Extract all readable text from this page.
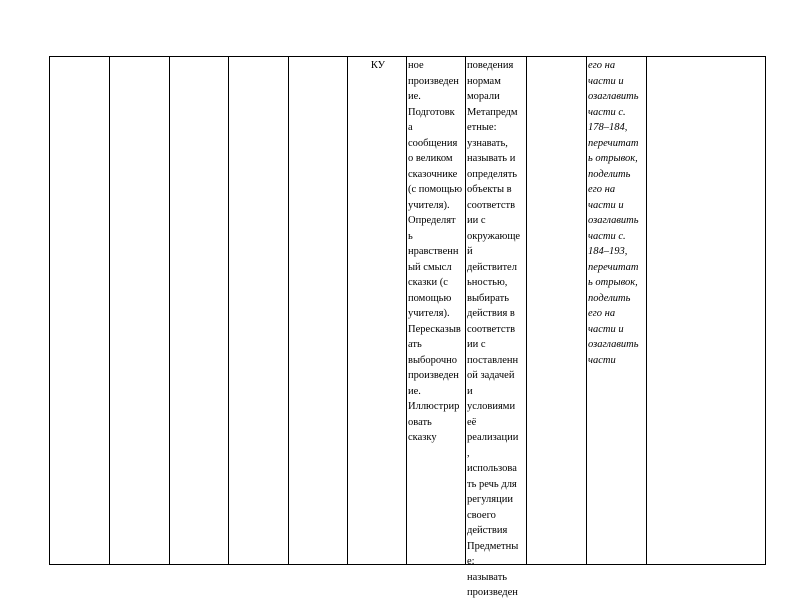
КУ	ное
произведен
ие.
Подготовк
а
сообщения
о великом
сказочнике
(с помощью
учителя).
Определят
ь
нравственн
ый смысл
сказки (с
помощью
учителя).
Пересказыв
ать
выборочно
произведен
ие.
Иллюстрир
овать
сказку
поведения
нормам
морали
Метапредм
етные:
узнавать,
называть и
определять
объекты в
соответств
ии с
окружающе
й
действител
ьностью,
выбирать
действия в
соответств
ии с
поставленн
ой задачей
и
условиями
её
реализации
,
использова
ть речь для
регуляции
своего
действия
Предметны
е:
называть
произведен
его на
части и
озаглавить
части с.
178–184,
перечитат
ь отрывок,
поделить
его на
части и
озаглавить
части с.
184–193,
перечитат
ь отрывок,
поделить
его на
части и
озаглавить
части
